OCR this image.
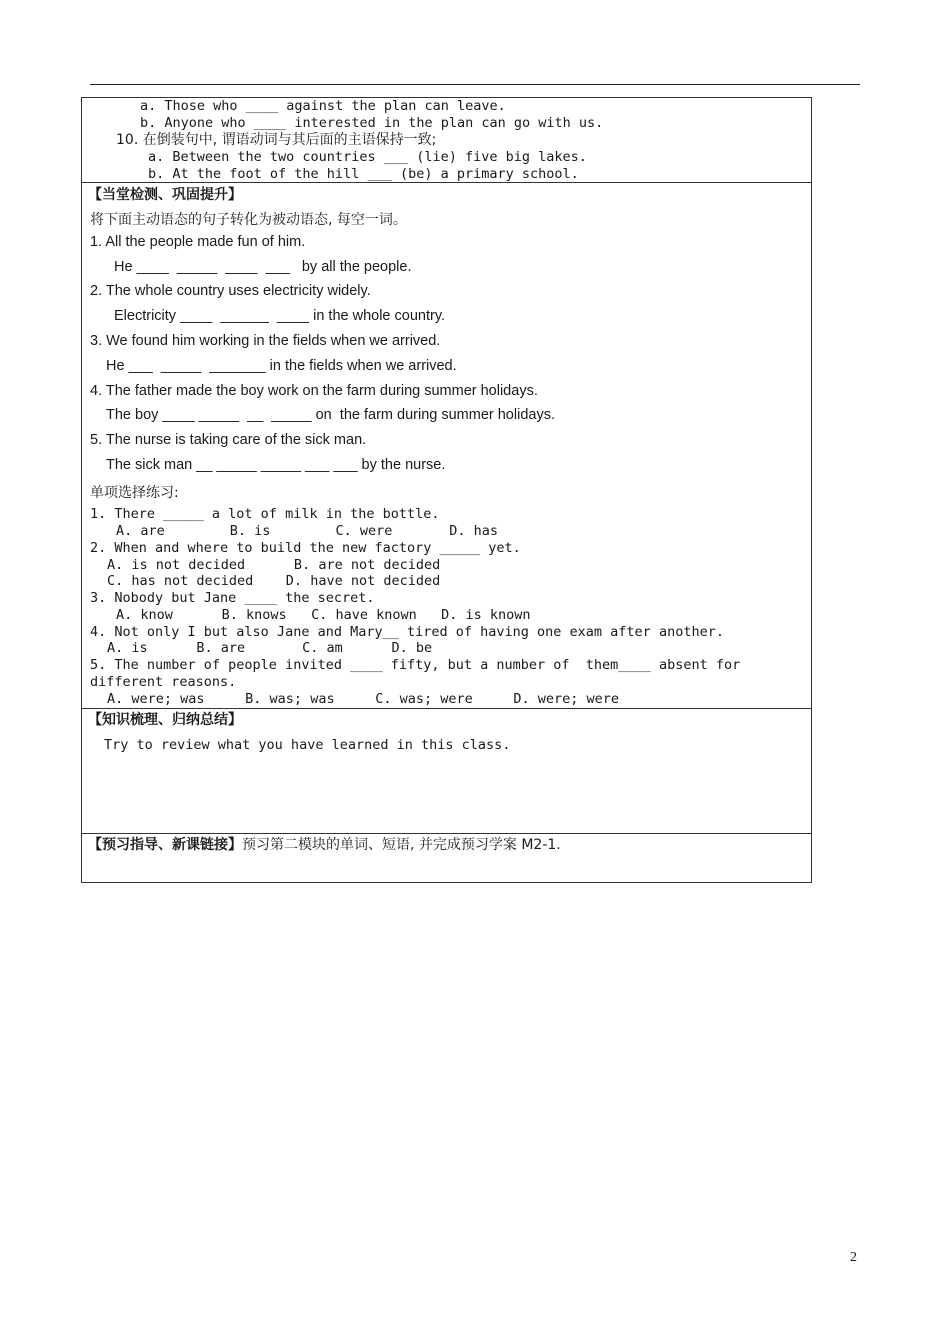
a. Those who ____ against the plan can leave.
b. Anyone who ____ interested in the plan can go with us.
10. 在倒装句中, 谓语动词与其后面的主语保持一致;
a. Between the two countries ___ (lie) five big lakes.
b. At the foot of the hill ___ (be) a primary school.
【当堂检测、巩固提升】
将下面主动语态的句子转化为被动语态, 每空一词。
1. All the people made fun of him.
He ____  _____  ____  ___   by all the people.
2. The whole country uses electricity widely.
Electricity ____  ______  ____ in the whole country.
3. We found him working in the fields when we arrived.
He ___  _____  _______ in the fields when we arrived.
4. The father made the boy work on the farm during summer holidays.
The boy ____ _____  __  _____ on  the farm during summer holidays.
5. The nurse is taking care of the sick man.
The sick man __ _____ _____ ___ ___ by the nurse.
单项选择练习:
1. There _____ a lot of milk in the bottle.
A. are        B. is        C. were       D. has
2. When and where to build the new factory _____ yet.
A. is not decided      B. are not decided
C. has not decided    D. have not decided
3. Nobody but Jane ____ the secret.
A. know      B. knows   C. have known   D. is known
4. Not only I but also Jane and Mary__ tired of having one exam after another.
A. is      B. are       C. am      D. be
5. The number of people invited ____ fifty, but a number of  them____ absent for
different reasons.
A. were; was     B. was; was     C. was; were     D. were; were
【知识梳理、归纳总结】
Try to review what you have learned in this class.
【预习指导、新课链接】预习第二模块的单词、短语, 并完成预习学案 M2-1.
2
